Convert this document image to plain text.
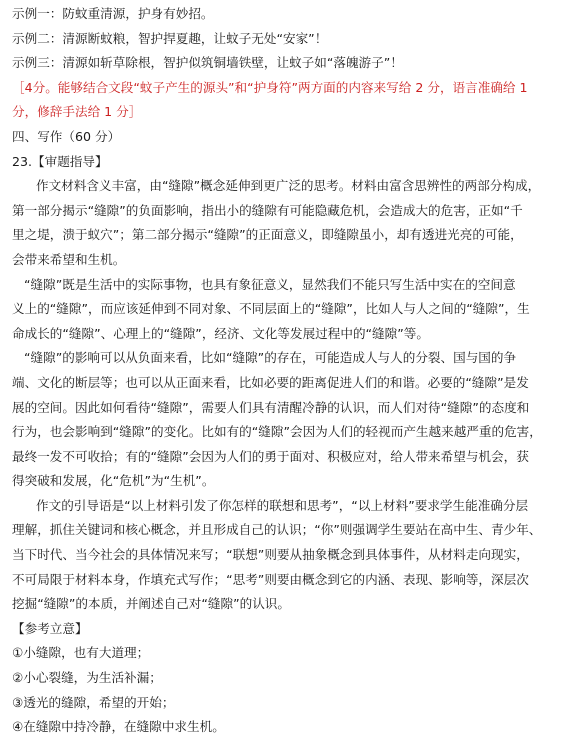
示例一：防蚊重清源，护身有妙招。

示例二：清源断蚊粮，智护捍夏趣，让蚊子无处“安家”！

示例三：清源如斩草除根，智护似筑铜墙铁壁，让蚊子如“落魄游子”！

［4分。能够结合文段“蚊子产生的源头”和“护身符”两方面的内容来写给 2 分，语言准确给 1

分，修辞手法给 1 分］

四、写作（60 分）

23.【审题指导】

作文材料含义丰富，由“缝隙”概念延伸到更广泛的思考。材料由富含思辨性的两部分构成，

第一部分揭示“缝隙”的负面影响，指出小的缝隙有可能隐藏危机，会造成大的危害，正如“千

里之堤，溃于蚁穴”；第二部分揭示“缝隙”的正面意义，即缝隙虽小，却有透进光亮的可能，

会带来希望和生机。

“缝隙”既是生活中的实际事物，也具有象征意义，显然我们不能只写生活中实在的空间意

义上的“缝隙”，而应该延伸到不同对象、不同层面上的“缝隙”，比如人与人之间的“缝隙”，生

命成长的“缝隙”、心理上的“缝隙”，经济、文化等发展过程中的“缝隙”等。

“缝隙”的影响可以从负面来看，比如“缝隙”的存在，可能造成人与人的分裂、国与国的争

端、文化的断层等；也可以从正面来看，比如必要的距离促进人们的和谐。必要的“缝隙”是发

展的空间。因此如何看待“缝隙”，需要人们具有清醒冷静的认识，而人们对待“缝隙”的态度和

行为，也会影响到“缝隙”的变化。比如有的“缝隙”会因为人们的轻视而产生越来越严重的危害，

最终一发不可收拾；有的“缝隙”会因为人们的勇于面对、积极应对，给人带来希望与机会，获

得突破和发展，化“危机”为“生机”。

作文的引导语是“以上材料引发了你怎样的联想和思考”，“以上材料”要求学生能准确分层

理解，抓住关键词和核心概念，并且形成自己的认识；“你”则强调学生要站在高中生、青少年、

当下时代、当今社会的具体情况来写；“联想”则要从抽象概念到具体事件，从材料走向现实，

不可局限于材料本身，作填充式写作；“思考”则要由概念到它的内涵、表现、影响等，深层次

挖掘“缝隙”的本质，并阐述自己对“缝隙”的认识。

【参考立意】

①小缝隙，也有大道理；

②小心裂缝，为生活补漏；

③透光的缝隙，希望的开始；

④在缝隙中持冷静，在缝隙中求生机。
